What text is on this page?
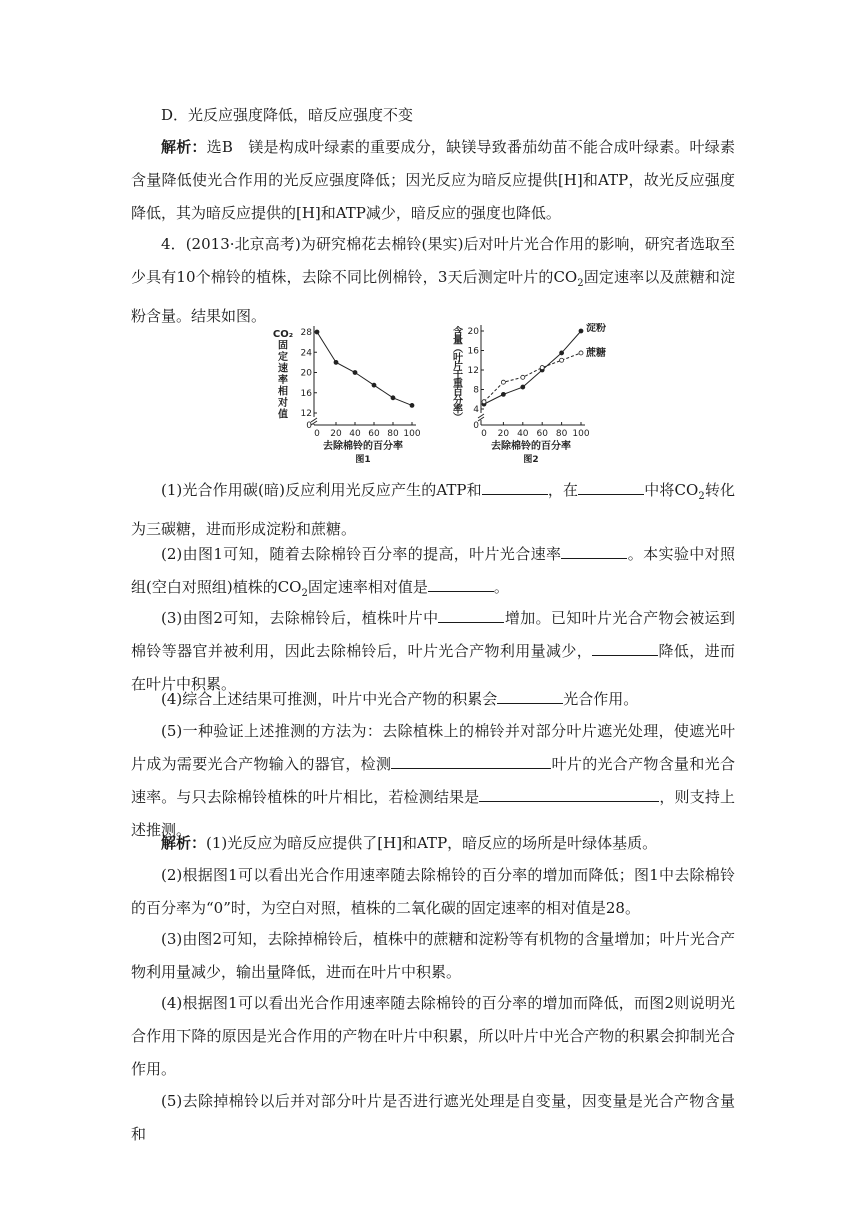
D．光反应强度降低，暗反应强度不变

解析：选B　镁是构成叶绿素的重要成分，缺镁导致番茄幼苗不能合成叶绿素。叶绿素含量降低使光合作用的光反应强度降低；因光反应为暗反应提供[H]和ATP，故光反应强度降低，其为暗反应提供的[H]和ATP减少，暗反应的强度也降低。

4．(2013·北京高考)为研究棉花去棉铃(果实)后对叶片光合作用的影响，研究者选取至少具有10个棉铃的植株，去除不同比例棉铃，3天后测定叶片的$CO_2$固定速率以及蔗糖和淀粉含量。结果如图。

0
12
16
20
24
28
0 20 40 60 80 100
去除棉铃的百分率
图1
CO₂
固
定
速
率
相
对
值
0
4
8
12
16
20
0 20 40 60 80 100
去除棉铃的百分率
图2
含
量
︵
叶
片
干
重
百
分
率
︶
淀粉
蔗糖

(1)光合作用碳(暗)反应利用光反应产生的ATP和	，在	中将$CO_2$转化为三碳糖，进而形成淀粉和蔗糖。

(2)由图1可知，随着去除棉铃百分率的提高，叶片光合速率	。本实验中对照组(空白对照组)植株的$CO_2$固定速率相对值是	。

(3)由图2可知，去除棉铃后，植株叶片中	增加。已知叶片光合产物会被运到棉铃等器官并被利用，因此去除棉铃后，叶片光合产物利用量减少，	降低，进而在叶片中积累。

(4)综合上述结果可推测，叶片中光合产物的积累会	光合作用。

(5)一种验证上述推测的方法为：去除植株上的棉铃并对部分叶片遮光处理，使遮光叶片成为需要光合产物输入的器官，检测	叶片的光合产物含量和光合速率。与只去除棉铃植株的叶片相比，若检测结果是	，则支持上述推测。

解析：(1)光反应为暗反应提供了[H]和ATP，暗反应的场所是叶绿体基质。

(2)根据图1可以看出光合作用速率随去除棉铃的百分率的增加而降低；图1中去除棉铃的百分率为“0”时，为空白对照，植株的二氧化碳的固定速率的相对值是28。

(3)由图2可知，去除掉棉铃后，植株中的蔗糖和淀粉等有机物的含量增加；叶片光合产物利用量减少，输出量降低，进而在叶片中积累。

(4)根据图1可以看出光合作用速率随去除棉铃的百分率的增加而降低，而图2则说明光合作用下降的原因是光合作用的产物在叶片中积累，所以叶片中光合产物的积累会抑制光合作用。

(5)去除掉棉铃以后并对部分叶片是否进行遮光处理是自变量，因变量是光合产物含量和
